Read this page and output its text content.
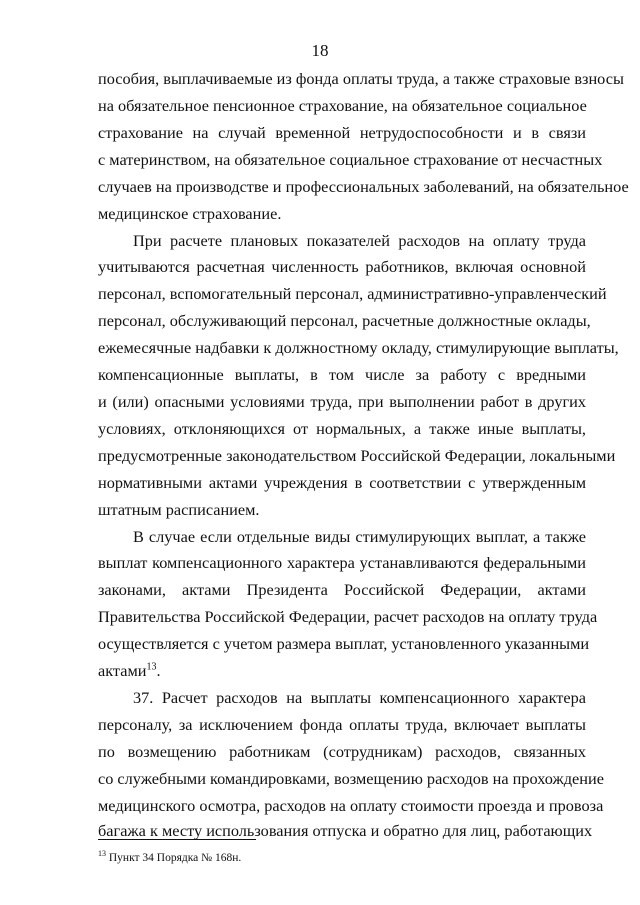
18
пособия, выплачиваемые из фонда оплаты труда, а также страховые взносы
на обязательное пенсионное страхование, на обязательное социальное
страхование на случай временной нетрудоспособности и в связи
с материнством, на обязательное социальное страхование от несчастных
случаев на производстве и профессиональных заболеваний, на обязательное
медицинское страхование.
При расчете плановых показателей расходов на оплату труда
учитываются расчетная численность работников, включая основной
персонал, вспомогательный персонал, административно-управленческий
персонал, обслуживающий персонал, расчетные должностные оклады,
ежемесячные надбавки к должностному окладу, стимулирующие выплаты,
компенсационные выплаты, в том числе за работу с вредными
и (или) опасными условиями труда, при выполнении работ в других
условиях, отклоняющихся от нормальных, а также иные выплаты,
предусмотренные законодательством Российской Федерации, локальными
нормативными актами учреждения в соответствии с утвержденным
штатным расписанием.
В случае если отдельные виды стимулирующих выплат, а также
выплат компенсационного характера устанавливаются федеральными
законами, актами Президента Российской Федерации, актами
Правительства Российской Федерации, расчет расходов на оплату труда
осуществляется с учетом размера выплат, установленного указанными
актами$^{13}$.
37. Расчет расходов на выплаты компенсационного характера
персоналу, за исключением фонда оплаты труда, включает выплаты
по возмещению работникам (сотрудникам) расходов, связанных
со служебными командировками, возмещению расходов на прохождение
медицинского осмотра, расходов на оплату стоимости проезда и провоза
багажа к месту использования отпуска и обратно для лиц, работающих
$^{13}$ Пункт 34 Порядка № 168н.
